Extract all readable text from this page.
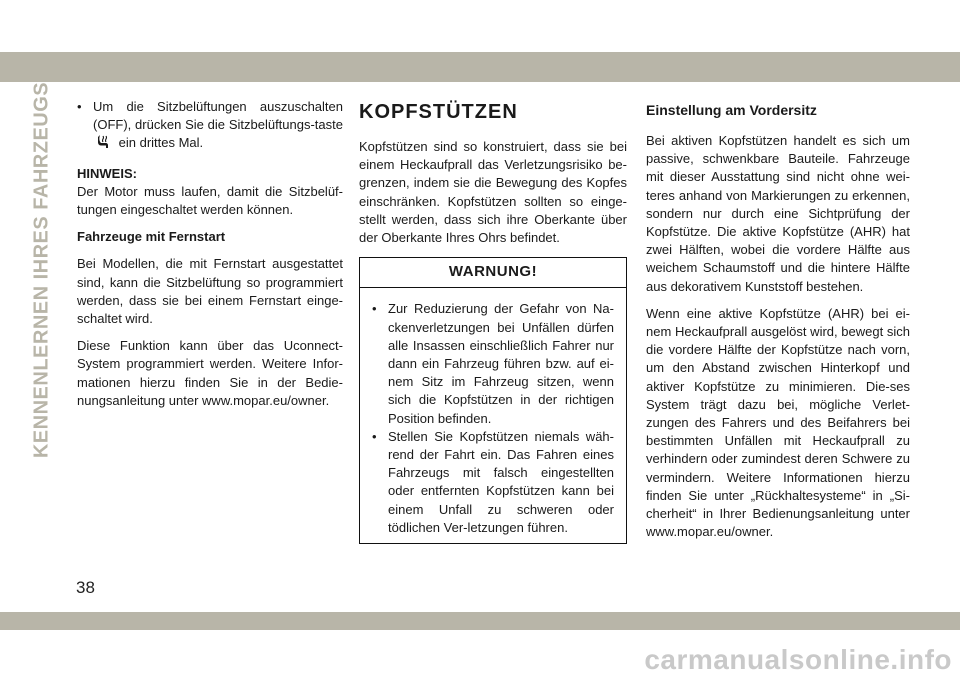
KENNENLERNEN IHRES FAHRZEUGS • Um die Sitzbelüftungen auszuschalten (OFF), drücken Sie die Sitzbelüftungs-taste  ein drittes Mal.
HINWEIS:

Der Motor muss laufen, damit die Sitzbelüf-tungen eingeschaltet werden können.

Fahrzeuge mit Fernstart

Bei Modellen, die mit Fernstart ausgestattet sind, kann die Sitzbelüftung so programmiert werden, dass sie bei einem Fernstart einge-schaltet wird.

Diese Funktion kann über das Uconnect-System programmiert werden. Weitere Infor-mationen hierzu finden Sie in der Bedie-nungsanleitung unter www.mopar.eu/owner.

KOPFSTÜTZEN

Kopfstützen sind so konstruiert, dass sie bei einem Heckaufprall das Verletzungsrisiko be-grenzen, indem sie die Bewegung des Kopfes einschränken. Kopfstützen sollten so einge-stellt werden, dass sich ihre Oberkante über der Oberkante Ihres Ohrs befindet.

WARNUNG!
• Zur Reduzierung der Gefahr von Na-ckenverletzungen bei Unfällen dürfen alle Insassen einschließlich Fahrer nur dann ein Fahrzeug führen bzw. auf ei-nem Sitz im Fahrzeug sitzen, wenn sich die Kopfstützen in der richtigen Position befinden.
• Stellen Sie Kopfstützen niemals wäh-rend der Fahrt ein. Das Fahren eines Fahrzeugs mit falsch eingestellten oder entfernten Kopfstützen kann bei einem Unfall zu schweren oder tödlichen Ver-letzungen führen.
Einstellung am Vordersitz

Bei aktiven Kopfstützen handelt es sich um passive, schwenkbare Bauteile. Fahrzeuge mit dieser Ausstattung sind nicht ohne wei-teres anhand von Markierungen zu erkennen, sondern nur durch eine Sichtprüfung der Kopfstütze. Die aktive Kopfstütze (AHR) hat zwei Hälften, wobei die vordere Hälfte aus weichem Schaumstoff und die hintere Hälfte aus dekorativem Kunststoff bestehen.

Wenn eine aktive Kopfstütze (AHR) bei ei-nem Heckaufprall ausgelöst wird, bewegt sich die vordere Hälfte der Kopfstütze nach vorn, um den Abstand zwischen Hinterkopf und aktiver Kopfstütze zu minimieren. Die-ses System trägt dazu bei, mögliche Verlet-zungen des Fahrers und des Beifahrers bei bestimmten Unfällen mit Heckaufprall zu verhindern oder zumindest deren Schwere zu vermindern. Weitere Informationen hierzu finden Sie unter „Rückhaltesysteme“ in „Si-cherheit“ in Ihrer Bedienungsanleitung unter www.mopar.eu/owner.

38
carmanualsonline.info
